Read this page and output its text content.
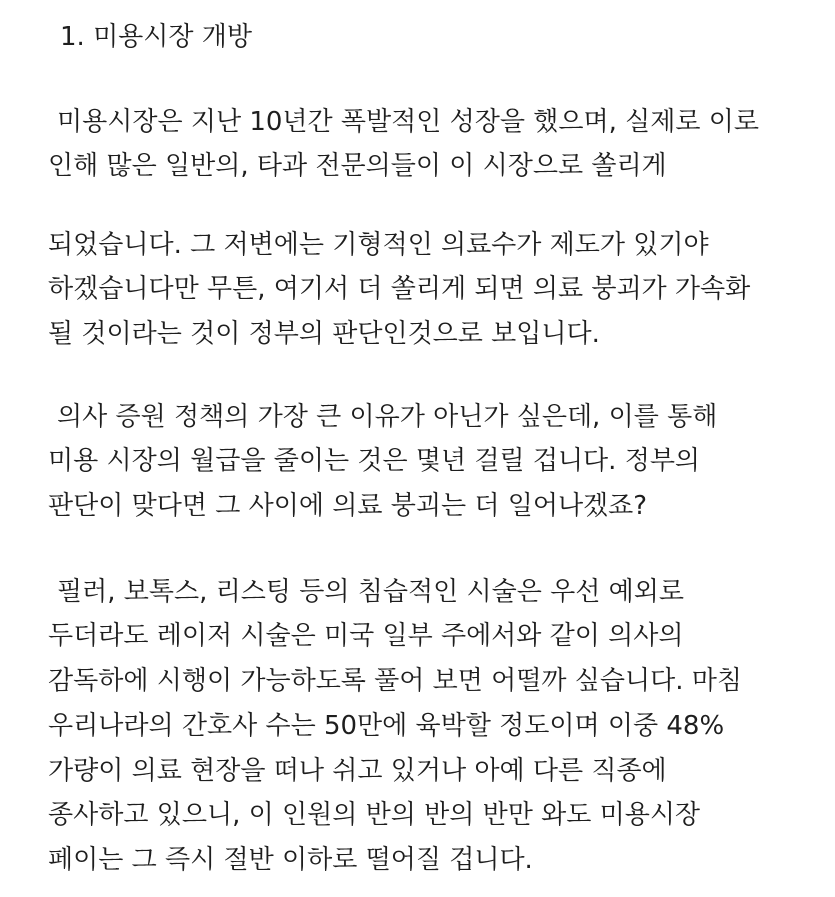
1. 미용시장 개방
미용시장은 지난 10년간 폭발적인 성장을 했으며, 실제로 이로
인해 많은 일반의, 타과 전문의들이 이 시장으로 쏠리게
되었습니다. 그 저변에는 기형적인 의료수가 제도가 있기야
하겠습니다만 무튼, 여기서 더 쏠리게 되면 의료 붕괴가 가속화
될 것이라는 것이 정부의 판단인것으로 보입니다.
의사 증원 정책의 가장 큰 이유가 아닌가 싶은데, 이를 통해
미용 시장의 월급을 줄이는 것은 몇년 걸릴 겁니다. 정부의
판단이 맞다면 그 사이에 의료 붕괴는 더 일어나겠죠?
필러, 보톡스, 리스팅 등의 침습적인 시술은 우선 예외로
두더라도 레이저 시술은 미국 일부 주에서와 같이 의사의
감독하에 시행이 가능하도록 풀어 보면 어떨까 싶습니다. 마침
우리나라의 간호사 수는 50만에 육박할 정도이며 이중 48%
가량이 의료 현장을 떠나 쉬고 있거나 아예 다른 직종에
종사하고 있으니, 이 인원의 반의 반의 반만 와도 미용시장
페이는 그 즉시 절반 이하로 떨어질 겁니다.
